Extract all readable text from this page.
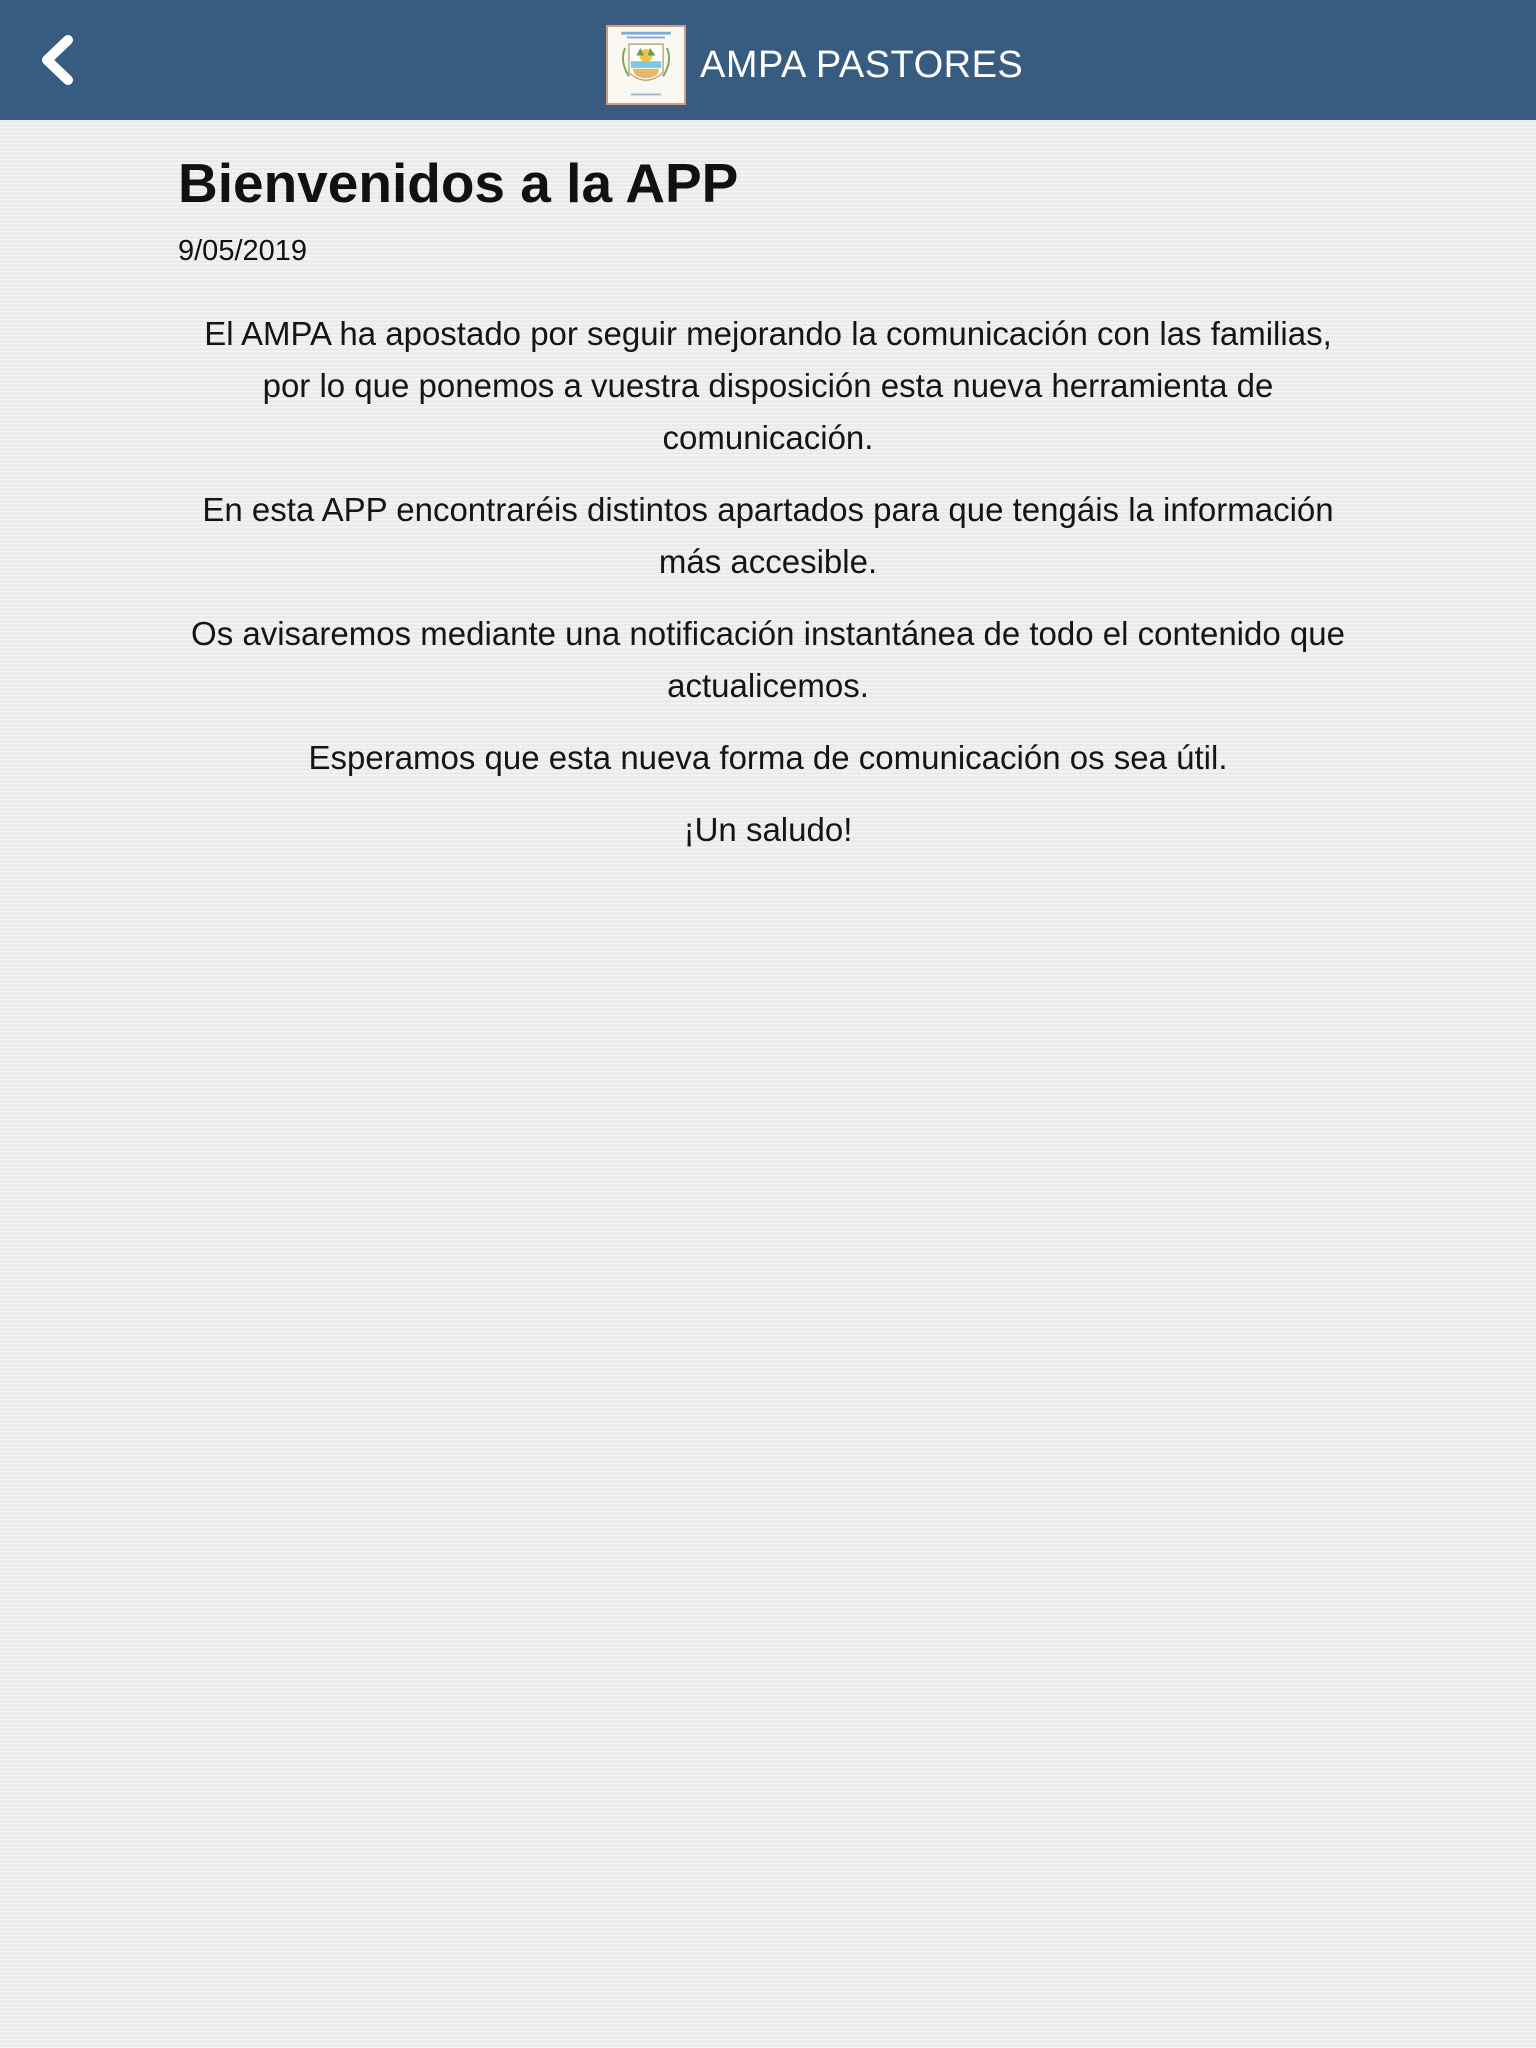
AMPA PASTORES
Bienvenidos a la APP
9/05/2019

El AMPA ha apostado por seguir mejorando la comunicación con las familias, por lo que ponemos a vuestra disposición esta nueva herramienta de comunicación.

En esta APP encontraréis distintos apartados para que tengáis la información más accesible.

Os avisaremos mediante una notificación instantánea de todo el contenido que actualicemos.

Esperamos que esta nueva forma de comunicación os sea útil.

¡Un saludo!
